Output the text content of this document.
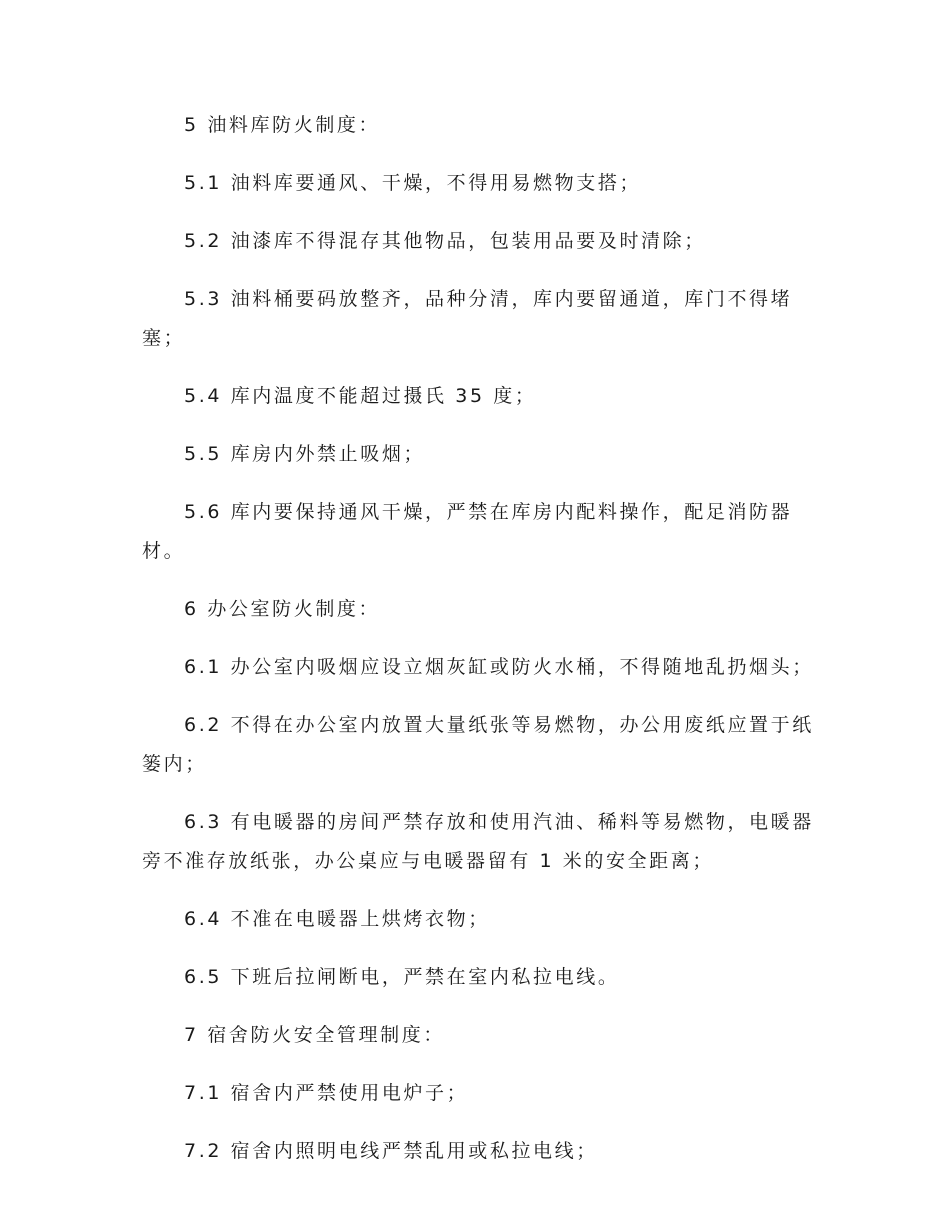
5 油料库防火制度：

5.1 油料库要通风、干燥，不得用易燃物支搭；

5.2 油漆库不得混存其他物品，包装用品要及时清除；

5.3 油料桶要码放整齐，品种分清，库内要留通道，库门不得堵塞；

5.4 库内温度不能超过摄氏 35 度；

5.5 库房内外禁止吸烟；

5.6 库内要保持通风干燥，严禁在库房内配料操作，配足消防器材。

6 办公室防火制度：

6.1 办公室内吸烟应设立烟灰缸或防火水桶，不得随地乱扔烟头；

6.2 不得在办公室内放置大量纸张等易燃物，办公用废纸应置于纸篓内；

6.3 有电暖器的房间严禁存放和使用汽油、稀料等易燃物，电暖器旁不准存放纸张，办公桌应与电暖器留有 1 米的安全距离；

6.4 不准在电暖器上烘烤衣物；

6.5 下班后拉闸断电，严禁在室内私拉电线。

7 宿舍防火安全管理制度：

7.1 宿舍内严禁使用电炉子；

7.2 宿舍内照明电线严禁乱用或私拉电线；
